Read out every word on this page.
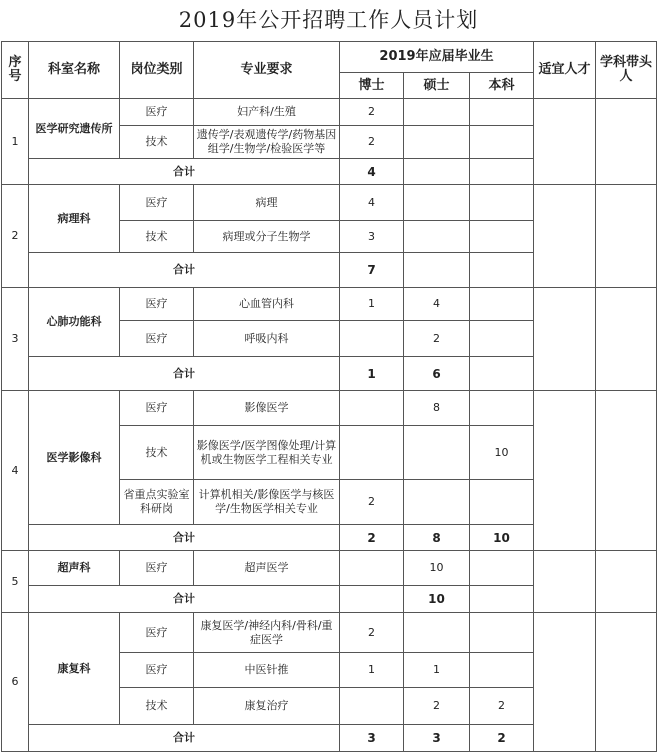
2019年公开招聘工作人员计划
序号	科室名称	岗位类别	专业要求	2019年应届毕业生			适宜人才	学科带头人
				博士	硕士	本科		
1	医学研究遗传所	医疗	妇产科/生殖	2				
		技术	遗传学/表观遗传学/药物基因组学/生物学/检验医学等	2				
	合计			4				
2	病理科	医疗	病理	4				
		技术	病理或分子生物学	3				
	合计			7				
3	心肺功能科	医疗	心血管内科	1	4			
		医疗	呼吸内科		2			
	合计			1	6			
4	医学影像科	医疗	影像医学		8			
		技术	影像医学/医学图像处理/计算机或生物医学工程相关专业			10		
		省重点实验室科研岗	计算机相关/影像医学与核医学/生物医学相关专业	2				
	合计			2	8	10		
5	超声科	医疗	超声医学		10			
	合计				10			
6	康复科	医疗	康复医学/神经内科/骨科/重症医学	2				
		医疗	中医针推	1	1			
		技术	康复治疗		2	2		
	合计			3	3	2		
